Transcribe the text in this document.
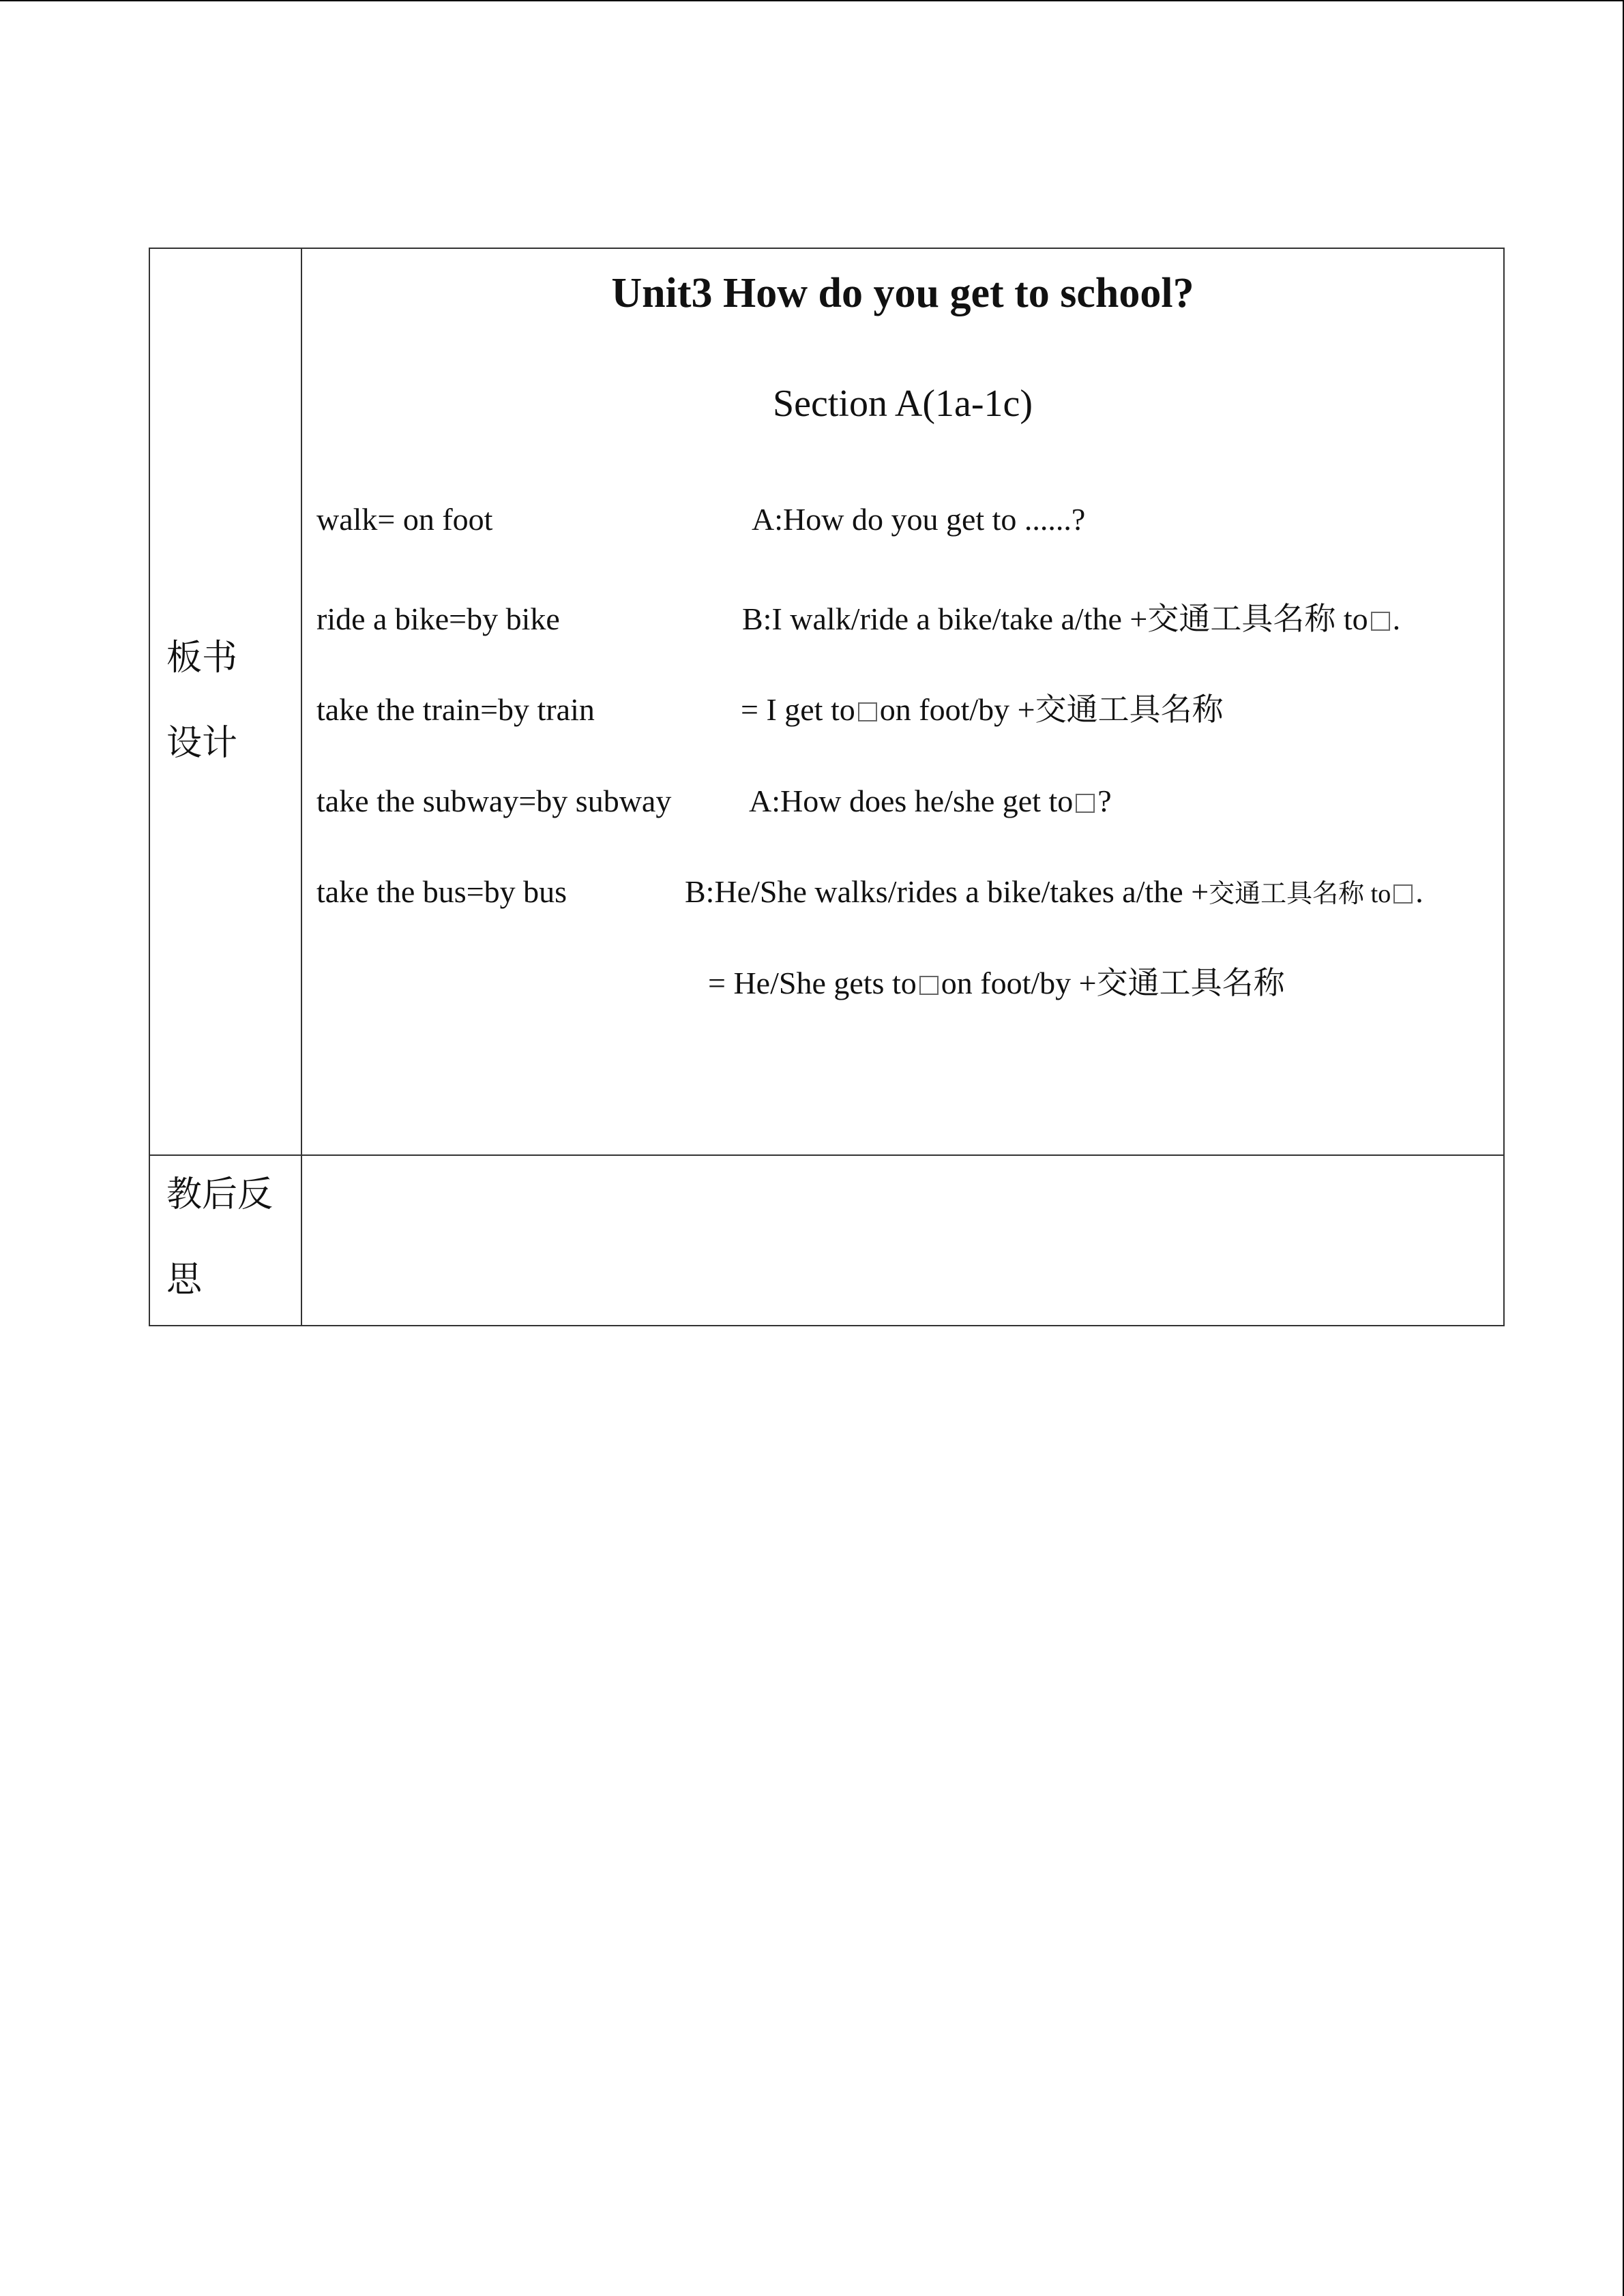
板书
设计
教后反
思
Unit3 How do you get to school?
Section A(1a-1c)
walk= on foot
ride a bike=by bike
take the train=by train
take the subway=by subway
take the bus=by bus
A:How do you get to ......?
B:I walk/ride a bike/take a/the +交通工具名称 to .
= I get to on foot/by +交通工具名称
A:How does he/she get to ?
B:He/She walks/rides a bike/takes a/the +交通工具名称 to .
= He/She gets to on foot/by +交通工具名称
